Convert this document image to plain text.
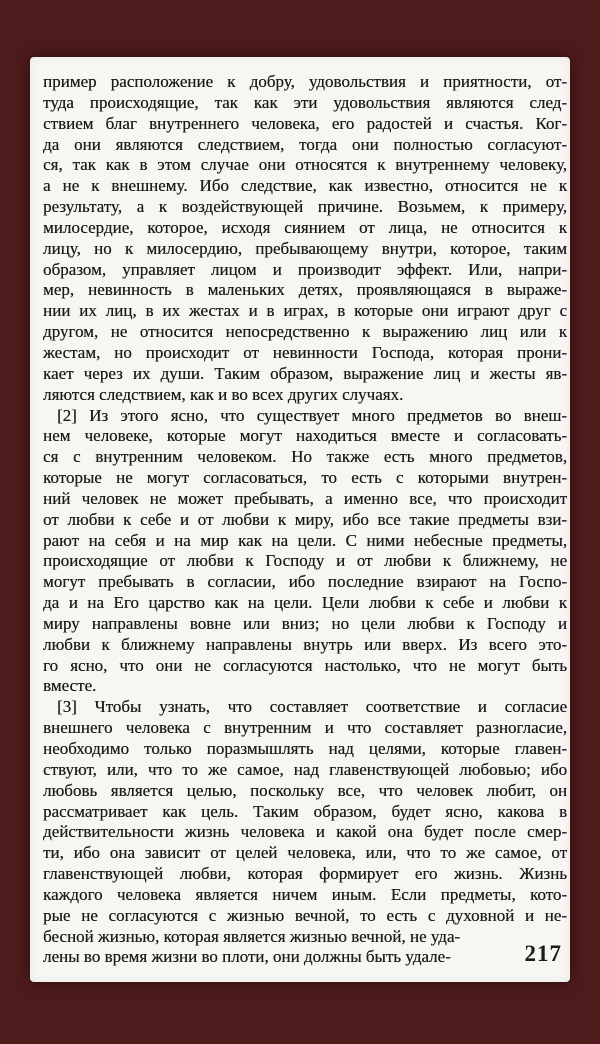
пример расположение к добру, удовольствия и приятности, от-
туда происходящие, так как эти удовольствия являются след-
ствием благ внутреннего человека, его радостей и счастья. Ког-
да они являются следствием, тогда они полностью согласуют-
ся, так как в этом случае они относятся к внутреннему человеку,
а не к внешнему. Ибо следствие, как известно, относится не к
результату, а к воздействующей причине. Возьмем, к примеру,
милосердие, которое, исходя сиянием от лица, не относится к
лицу, но к милосердию, пребывающему внутри, которое, таким
образом, управляет лицом и производит эффект. Или, напри-
мер, невинность в маленьких детях, проявляющаяся в выраже-
нии их лиц, в их жестах и в играх, в которые они играют друг с
другом, не относится непосредственно к выражению лиц или к
жестам, но происходит от невинности Господа, которая прони-
кает через их души. Таким образом, выражение лиц и жесты яв-
ляются следствием, как и во всех других случаях.
[2] Из этого ясно, что существует много предметов во внеш-
нем человеке, которые могут находиться вместе и согласовать-
ся с внутренним человеком. Но также есть много предметов,
которые не могут согласоваться, то есть с которыми внутрен-
ний человек не может пребывать, а именно все, что происходит
от любви к себе и от любви к миру, ибо все такие предметы взи-
рают на себя и на мир как на цели. С ними небесные предметы,
происходящие от любви к Господу и от любви к ближнему, не
могут пребывать в согласии, ибо последние взирают на Госпо-
да и на Его царство как на цели. Цели любви к себе и любви к
миру направлены вовне или вниз; но цели любви к Господу и
любви к ближнему направлены внутрь или вверх. Из всего это-
го ясно, что они не согласуются настолько, что не могут быть
вместе.
[3] Чтобы узнать, что составляет соответствие и согласие
внешнего человека с внутренним и что составляет разногласие,
необходимо только поразмышлять над целями, которые главен-
ствуют, или, что то же самое, над главенствующей любовью; ибо
любовь является целью, поскольку все, что человек любит, он
рассматривает как цель. Таким образом, будет ясно, какова в
действительности жизнь человека и какой она будет после смер-
ти, ибо она зависит от целей человека, или, что то же самое, от
главенствующей любви, которая формирует его жизнь. Жизнь
каждого человека является ничем иным. Если предметы, кото-
рые не согласуются с жизнью вечной, то есть с духовной и не-
бесной жизнью, которая является жизнью вечной, не уда-
лены во время жизни во плоти, они должны быть удале-	217
